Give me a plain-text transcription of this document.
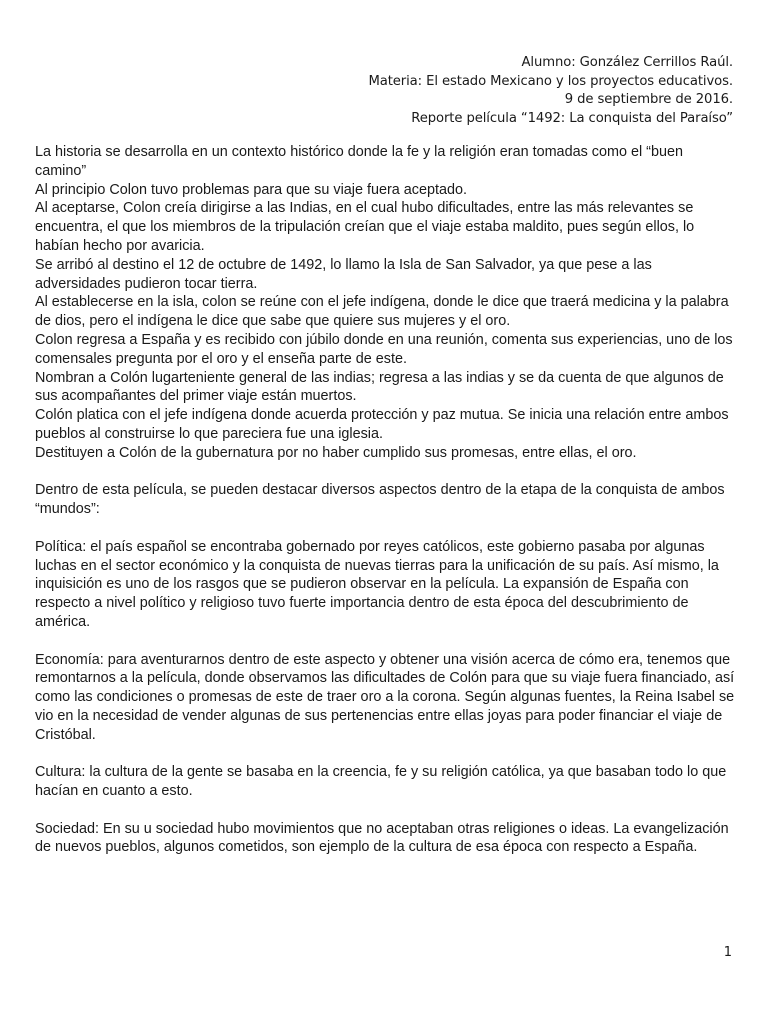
Alumno: González Cerrillos Raúl.
Materia: El estado Mexicano y los proyectos educativos.
9 de septiembre de 2016.
Reporte película “1492: La conquista del Paraíso”

La historia se desarrolla en un contexto histórico donde la fe y la religión eran tomadas como el “buen camino”

Al principio Colon tuvo problemas para que su viaje fuera aceptado.

Al aceptarse, Colon creía dirigirse a las Indias, en el cual hubo dificultades, entre las más relevantes se encuentra, el que los miembros de la tripulación creían que el viaje estaba maldito, pues según ellos, lo habían hecho por avaricia.

Se arribó al destino el 12 de octubre de 1492, lo llamo la Isla de San Salvador, ya que pese a las adversidades pudieron tocar tierra.

Al establecerse en la isla, colon se reúne con el jefe indígena, donde le dice que traerá medicina y la palabra de dios, pero el indígena le dice que sabe que quiere sus mujeres y el oro.

Colon regresa a España y es recibido con júbilo donde en una reunión, comenta sus experiencias, uno de los comensales pregunta por el oro y el enseña parte de este.

Nombran a Colón lugarteniente general de las indias; regresa a las indias y se da cuenta de que algunos de sus acompañantes del primer viaje están muertos.

Colón platica con el jefe indígena donde acuerda protección y paz mutua. Se inicia una relación entre ambos pueblos al construirse lo que pareciera fue una iglesia.

Destituyen a Colón de la gubernatura por no haber cumplido sus promesas, entre ellas, el oro.

Dentro de esta película, se pueden destacar diversos aspectos dentro de la etapa de la conquista de ambos “mundos”:

Política: el país español se encontraba gobernado por reyes católicos, este gobierno pasaba por algunas luchas en el sector económico y la conquista de nuevas tierras para la unificación de su país. Así mismo, la inquisición es uno de los rasgos que se pudieron observar en la película. La expansión de España con respecto a nivel político y religioso tuvo fuerte importancia dentro de esta época del descubrimiento de américa.

Economía: para aventurarnos dentro de este aspecto y obtener una visión acerca de cómo era, tenemos que remontarnos a la película, donde observamos las dificultades de Colón para que su viaje fuera financiado, así como las condiciones o promesas de este de traer oro a la corona. Según algunas fuentes, la Reina Isabel se vio en la necesidad de vender algunas de sus pertenencias entre ellas joyas para poder financiar el viaje de Cristóbal.

Cultura: la cultura de la gente se basaba en la creencia, fe y su religión católica, ya que basaban todo lo que hacían en cuanto a esto.

Sociedad: En su u sociedad hubo movimientos que no aceptaban otras religiones o ideas. La evangelización de nuevos pueblos, algunos cometidos, son ejemplo de la cultura de esa época con respecto a España.

1
